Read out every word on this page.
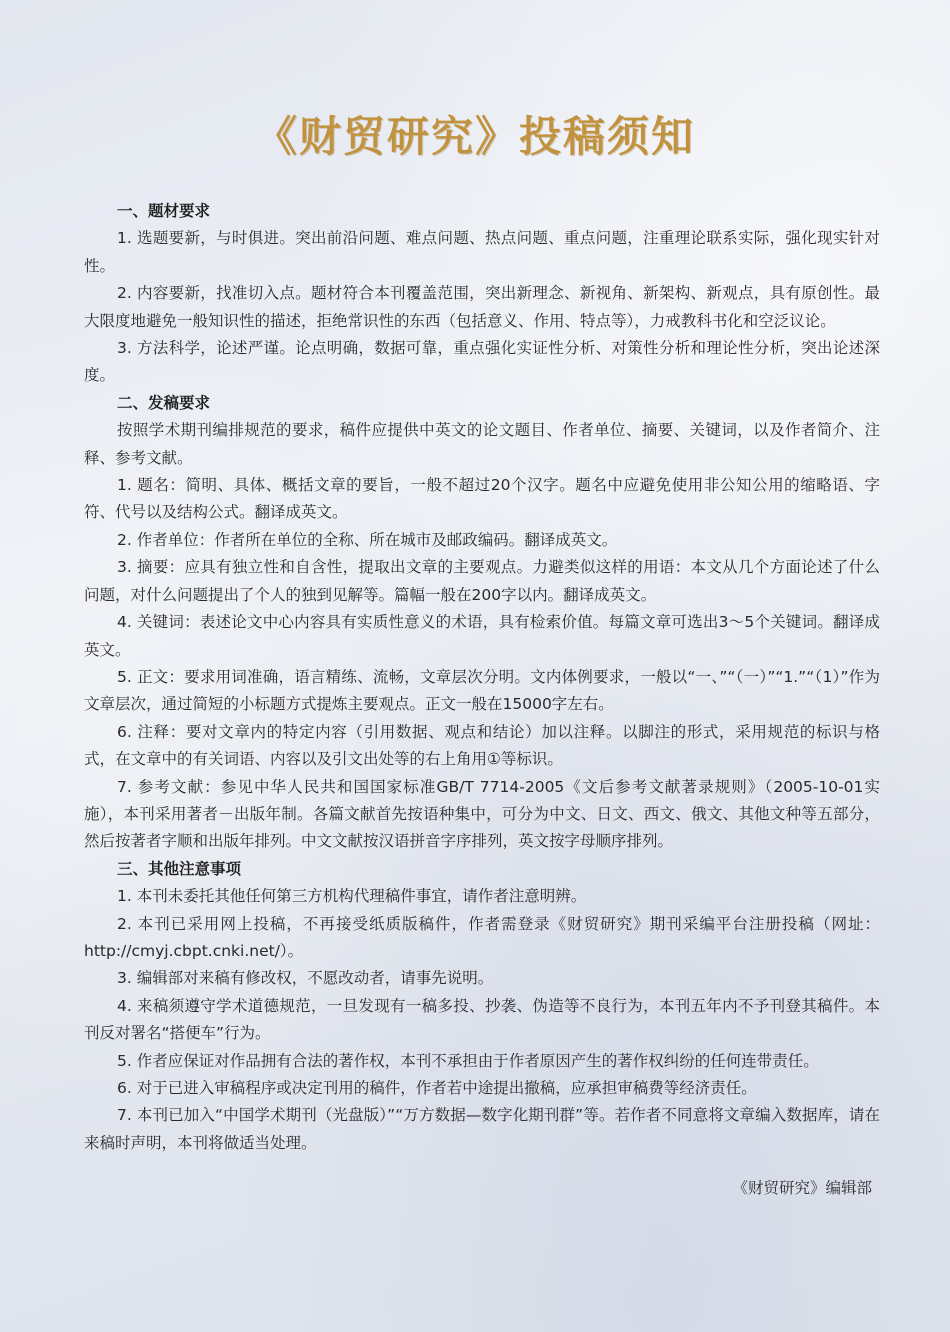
《财贸研究》投稿须知

一、题材要求

1. 选题要新，与时俱进。突出前沿问题、难点问题、热点问题、重点问题，注重理论联系实际，强化现实针对性。

2. 内容要新，找准切入点。题材符合本刊覆盖范围，突出新理念、新视角、新架构、新观点，具有原创性。最大限度地避免一般知识性的描述，拒绝常识性的东西（包括意义、作用、特点等），力戒教科书化和空泛议论。

3. 方法科学，论述严谨。论点明确，数据可靠，重点强化实证性分析、对策性分析和理论性分析，突出论述深度。

二、发稿要求

按照学术期刊编排规范的要求，稿件应提供中英文的论文题目、作者单位、摘要、关键词，以及作者简介、注释、参考文献。

1. 题名：简明、具体、概括文章的要旨，一般不超过20个汉字。题名中应避免使用非公知公用的缩略语、字符、代号以及结构公式。翻译成英文。

2. 作者单位：作者所在单位的全称、所在城市及邮政编码。翻译成英文。

3. 摘要：应具有独立性和自含性，提取出文章的主要观点。力避类似这样的用语：本文从几个方面论述了什么问题，对什么问题提出了个人的独到见解等。篇幅一般在200字以内。翻译成英文。

4. 关键词：表述论文中心内容具有实质性意义的术语，具有检索价值。每篇文章可选出3～5个关键词。翻译成英文。

5. 正文：要求用词准确，语言精练、流畅，文章层次分明。文内体例要求，一般以“一、”“（一）”“1.”“（1）”作为文章层次，通过简短的小标题方式提炼主要观点。正文一般在15000字左右。

6. 注释：要对文章内的特定内容（引用数据、观点和结论）加以注释。以脚注的形式，采用规范的标识与格式，在文章中的有关词语、内容以及引文出处等的右上角用①等标识。

7. 参考文献：参见中华人民共和国国家标准GB/T 7714-2005《文后参考文献著录规则》（2005-10-01实施），本刊采用著者－出版年制。各篇文献首先按语种集中，可分为中文、日文、西文、俄文、其他文种等五部分，然后按著者字顺和出版年排列。中文文献按汉语拼音字序排列，英文按字母顺序排列。

三、其他注意事项

1. 本刊未委托其他任何第三方机构代理稿件事宜，请作者注意明辨。

2. 本刊已采用网上投稿，不再接受纸质版稿件，作者需登录《财贸研究》期刊采编平台注册投稿（网址：http://cmyj.cbpt.cnki.net/）。

3. 编辑部对来稿有修改权，不愿改动者，请事先说明。

4. 来稿须遵守学术道德规范，一旦发现有一稿多投、抄袭、伪造等不良行为，本刊五年内不予刊登其稿件。本刊反对署名“搭便车”行为。

5. 作者应保证对作品拥有合法的著作权，本刊不承担由于作者原因产生的著作权纠纷的任何连带责任。

6. 对于已进入审稿程序或决定刊用的稿件，作者若中途提出撤稿，应承担审稿费等经济责任。

7. 本刊已加入“中国学术期刊（光盘版）”“万方数据—数字化期刊群”等。若作者不同意将文章编入数据库，请在来稿时声明，本刊将做适当处理。

《财贸研究》编辑部
